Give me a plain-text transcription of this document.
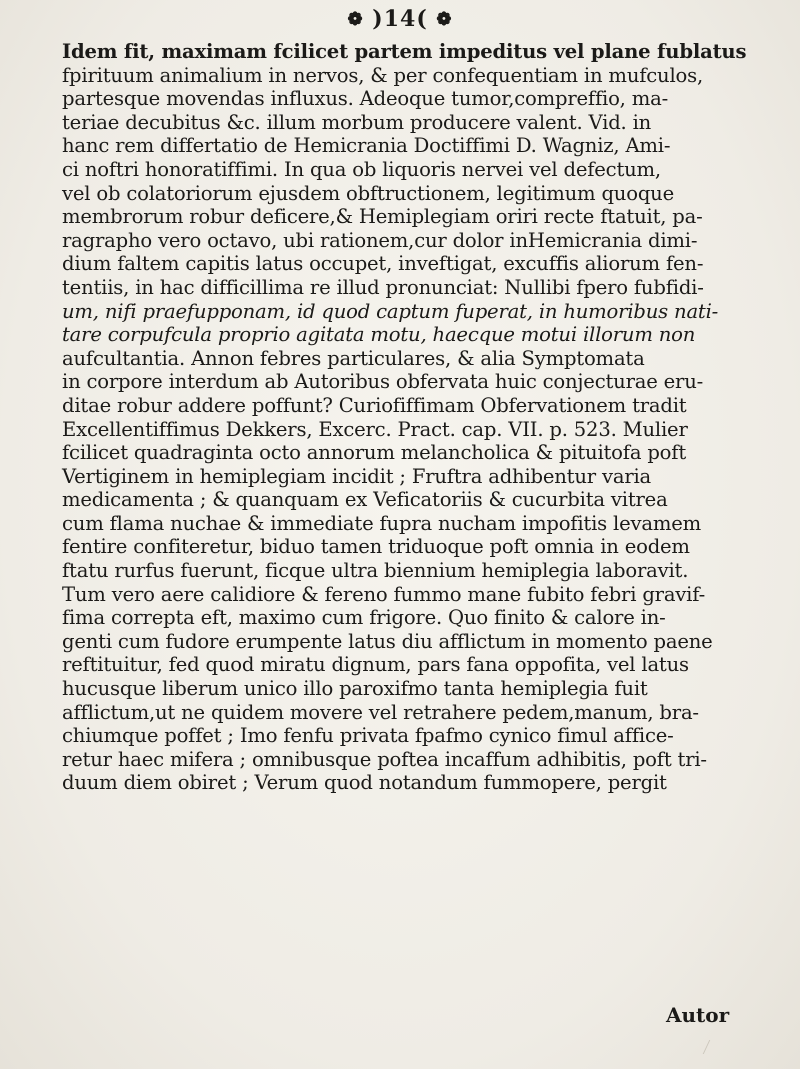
❁ )14( ❁
Idem fit, maximam fcilicet partem impeditus vel plane fublatus
fpirituum animalium in nervos, & per confequentiam in mufculos,
partesque movendas influxus. Adeoque tumor,compreffio, ma-
teriae decubitus &c. illum morbum producere valent. Vid. in
hanc rem differtatio de Hemicrania Doctiffimi D. Wagniz, Ami-
ci noftri honoratiffimi. In qua ob liquoris nervei vel defectum,
vel ob colatoriorum ejusdem obftructionem, legitimum quoque
membrorum robur deficere,& Hemiplegiam oriri recte ftatuit, pa-
ragrapho vero octavo, ubi rationem,cur dolor inHemicrania dimi-
dium faltem capitis latus occupet, inveftigat, excuffis aliorum fen-
tentiis, in hac difficillima re illud pronunciat: Nullibi fpero fubfidi-
um, nifi praefupponam, id quod captum fuperat, in humoribus nati-
tare corpufcula proprio agitata motu, haecque motui illorum non
aufcultantia. Annon febres particulares, & alia Symptomata
in corpore interdum ab Autoribus obfervata huic conjecturae eru-
ditae robur addere poffunt? Curiofiffimam Obfervationem tradit
Excellentiffimus Dekkers, Excerc. Pract. cap. VII. p. 523. Mulier
fcilicet quadraginta octo annorum melancholica & pituitofa poft
Vertiginem in hemiplegiam incidit ; Fruftra adhibentur varia
medicamenta ; & quanquam ex Veficatoriis & cucurbita vitrea
cum flama nuchae & immediate fupra nucham impofitis levamem
fentire confiteretur, biduo tamen triduoque poft omnia in eodem
ftatu rurfus fuerunt, ficque ultra biennium hemiplegia laboravit.
Tum vero aere calidiore & fereno fummo mane fubito febri gravif-
fima correpta eft, maximo cum frigore. Quo finito & calore in-
genti cum fudore erumpente latus diu afflictum in momento paene
reftituitur, fed quod miratu dignum, pars fana oppofita, vel latus
hucusque liberum unico illo paroxifmo tanta hemiplegia fuit
afflictum,ut ne quidem movere vel retrahere pedem,manum, bra-
chiumque poffet ; Imo fenfu privata fpafmo cynico fimul affice-
retur haec mifera ; omnibusque poftea incaffum adhibitis, poft tri-
duum diem obiret ; Verum quod notandum fummopere, pergit
Autor
